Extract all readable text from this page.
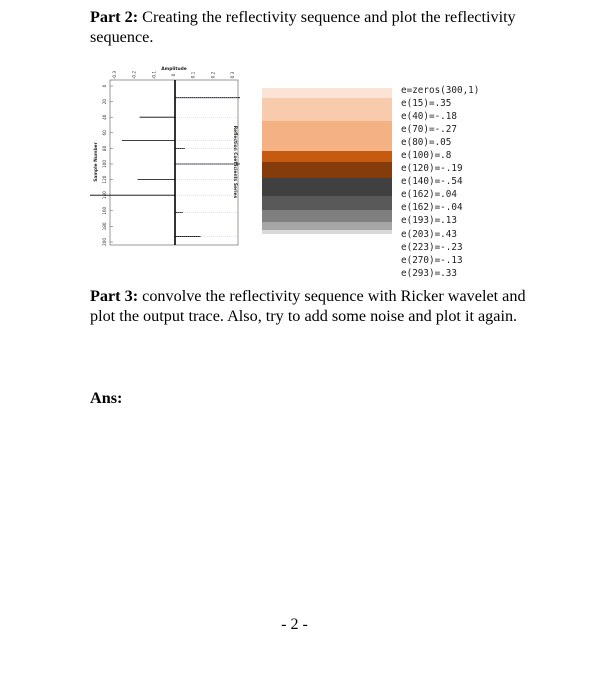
Part 2: Creating the reflectivity sequence and plot the reflectivity sequence.
Amplitude
-0.3	-0.2	-0.1	0	0.1	0.2	0.3
0
20
40
60
80
100
120
140
160
180
200
Sample Number	Reflection Coefficients Series
e=zeros(300,1)
e(15)=.35
e(40)=-.18
e(70)=-.27
e(80)=.05
e(100)=.8
e(120)=-.19
e(140)=-.54
e(162)=.04
e(162)=-.04
e(193)=.13
e(203)=.43
e(223)=-.23
e(270)=-.13
e(293)=.33
Part 3: convolve the reflectivity sequence with Ricker wavelet and plot the output trace. Also, try to add some noise and plot it again.
Ans:
- 2 -
